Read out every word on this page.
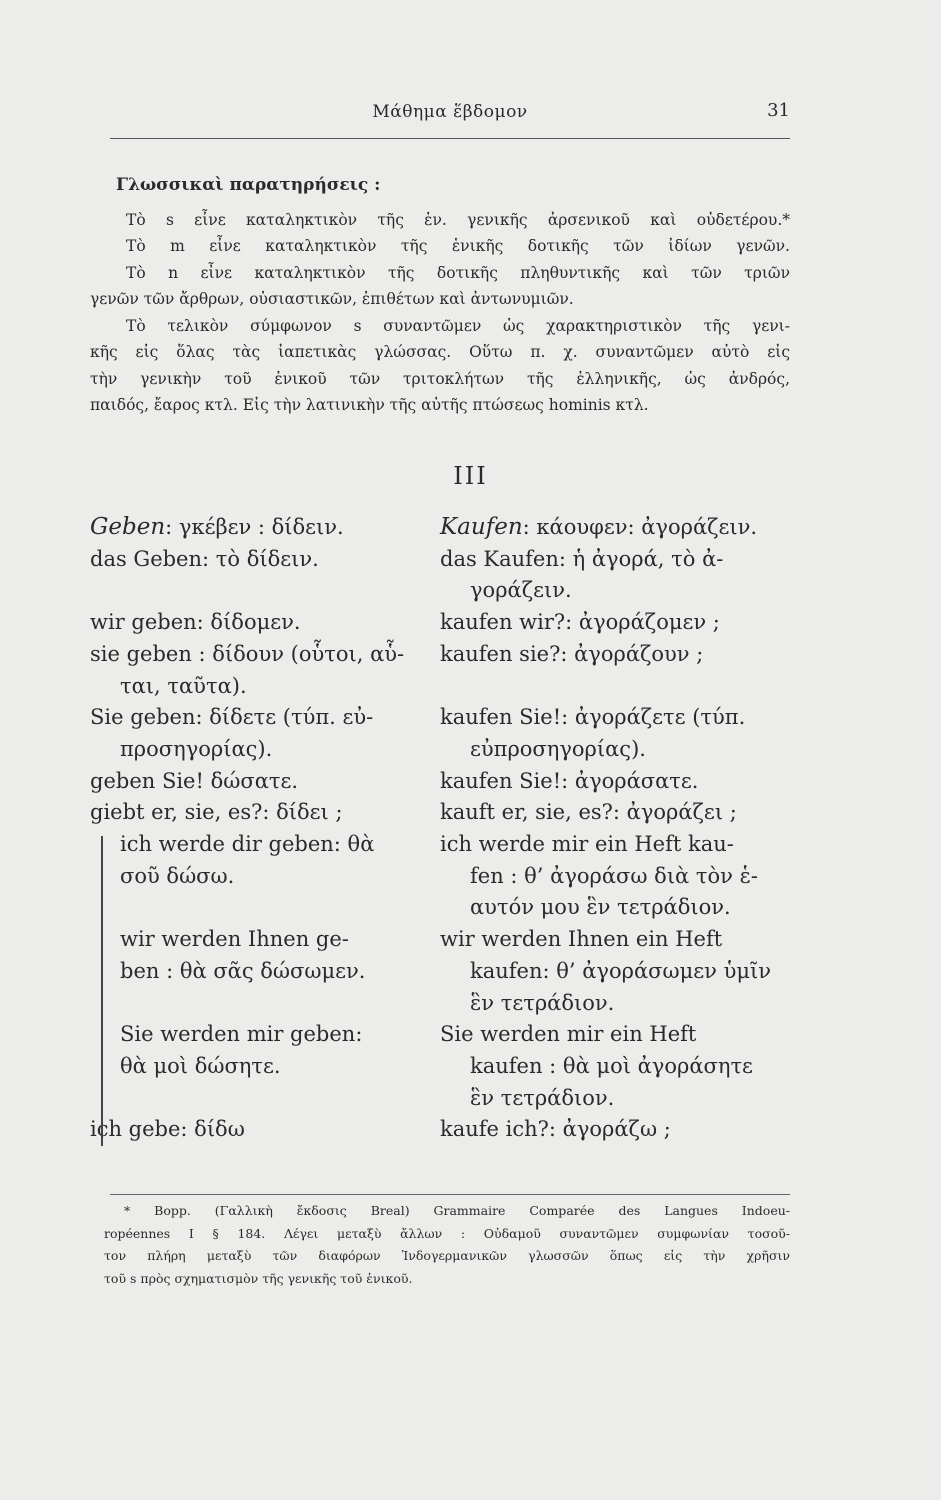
Μάθημα ἕβδομον	31
Γλωσσικαὶ παρατηρήσεις :

Τὸ s εἶνε καταληκτικὸν τῆς ἑν. γενικῆς ἀρσενικοῦ καὶ οὐδετέρου.*

Τὸ m εἶνε καταληκτικὸν τῆς ἑνικῆς δοτικῆς τῶν ἰδίων γενῶν.

Τὸ n εἶνε καταληκτικὸν τῆς δοτικῆς πληθυντικῆς καὶ τῶν τριῶν

γενῶν τῶν ἄρθρων, οὐσιαστικῶν, ἐπιθέτων καὶ ἀντωνυμιῶν.

Τὸ τελικὸν σύμφωνον s συναντῶμεν ὡς χαρακτηριστικὸν τῆς γενι-

κῆς εἰς ὅλας τὰς ἰαπετικὰς γλώσσας. Οὕτω π. χ. συναντῶμεν αὐτὸ εἰς

τὴν γενικὴν τοῦ ἑνικοῦ τῶν τριτοκλήτων τῆς ἑλληνικῆς, ὡς ἀνδρός,

παιδός, ἔαρος κτλ. Εἰς τὴν λατινικὴν τῆς αὐτῆς πτώσεως hominis κτλ.

III
Geben: γκέβεν : δίδειν.
das Geben: τὸ δίδειν.
wir geben: δίδομεν.
sie geben : δίδουν (οὗτοι, αὗ-
ται, ταῦτα).
Sie geben: δίδετε (τύπ. εὐ-
προσηγορίας).
geben Sie! δώσατε.
giebt er, sie, es?: δίδει ;
ich werde dir geben: θὰ
σοῦ δώσω.
wir werden Ihnen ge-
ben : θὰ σᾶς δώσωμεν.
Sie werden mir geben:
θὰ μοὶ δώσητε.
ich gebe: δίδω
Kaufen: κάουφεν: ἀγοράζειν.
das Kaufen: ἡ ἀγορά, τὸ ἀ-
γοράζειν.
kaufen wir?: ἀγοράζομεν ;
kaufen sie?: ἀγοράζουν ;
kaufen Sie!: ἀγοράζετε (τύπ.
εὐπροσηγορίας).
kaufen Sie!: ἀγοράσατε.
kauft er, sie, es?: ἀγοράζει ;
ich werde mir ein Heft kau-
fen : θ’ ἀγοράσω διὰ τὸν ἑ-
αυτόν μου ἓν τετράδιον.
wir werden Ihnen ein Heft
kaufen: θ’ ἀγοράσωμεν ὑμῖν
ἓν τετράδιον.
Sie werden mir ein Heft
kaufen : θὰ μοὶ ἀγοράσητε
ἓν τετράδιον.
kaufe ich?: ἀγοράζω ;

* Bopp. (Γαλλικὴ ἔκδοσις Breal) Grammaire Comparée des Langues Indoeu-

ropéennes I § 184. Λέγει μεταξὺ ἄλλων : Οὐδαμοῦ συναντῶμεν συμφωνίαν τοσοῦ-

τον πλήρη μεταξὺ τῶν διαφόρων Ἰνδογερμανικῶν γλωσσῶν ὅπως εἰς τὴν χρῆσιν

τοῦ s πρὸς σχηματισμὸν τῆς γενικῆς τοῦ ἑνικοῦ.
